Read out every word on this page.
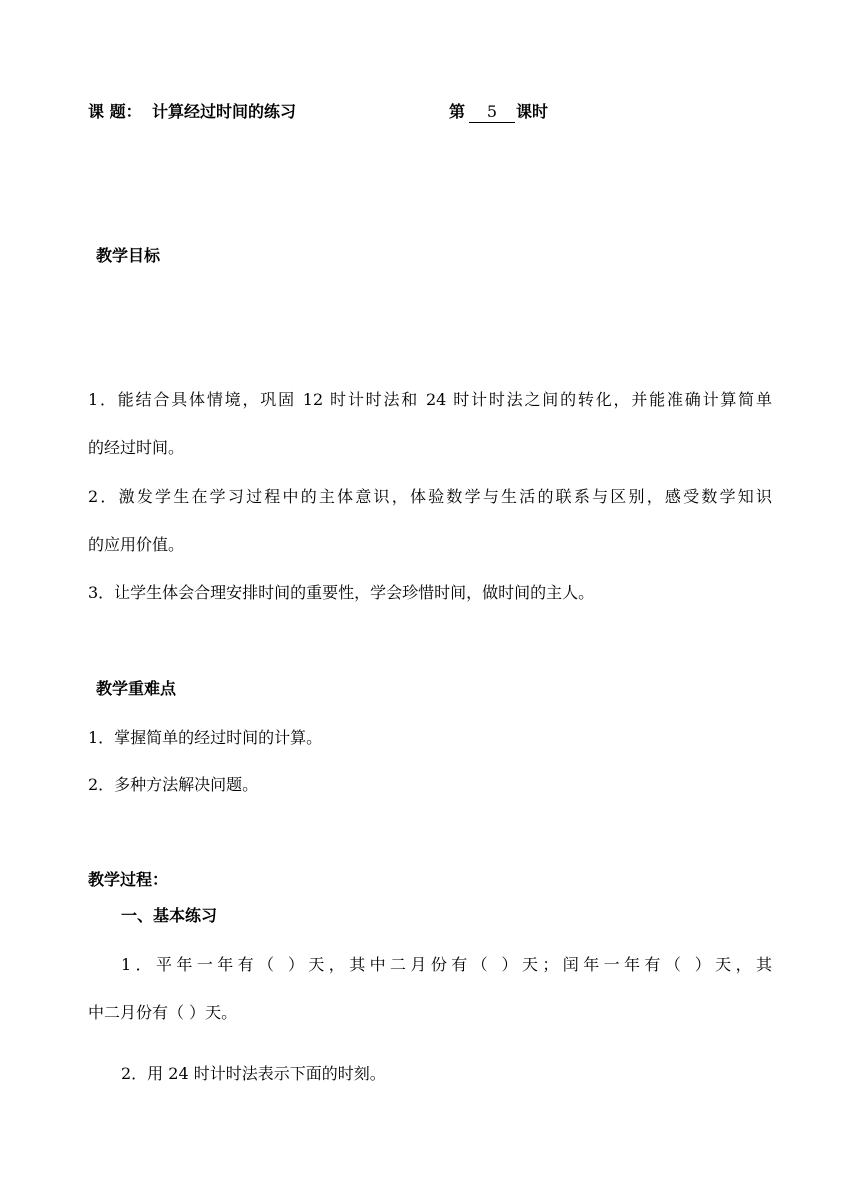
课 题： 计算经过时间的练习	第	5	课时
教学目标
1．能结合具体情境，巩固 12 时计时法和 24 时计时法之间的转化，并能准确计算简单
的经过时间。
2．激发学生在学习过程中的主体意识，体验数学与生活的联系与区别，感受数学知识
的应用价值。
3．让学生体会合理安排时间的重要性，学会珍惜时间，做时间的主人。
教学重难点
1．掌握简单的经过时间的计算。
2．多种方法解决问题。
教学过程：
一、基本练习
1．平年一年有（ ）天，其中二月份有（ ）天；闰年一年有（ ）天，其
中二月份有（ ）天。
2．用 24 时计时法表示下面的时刻。
